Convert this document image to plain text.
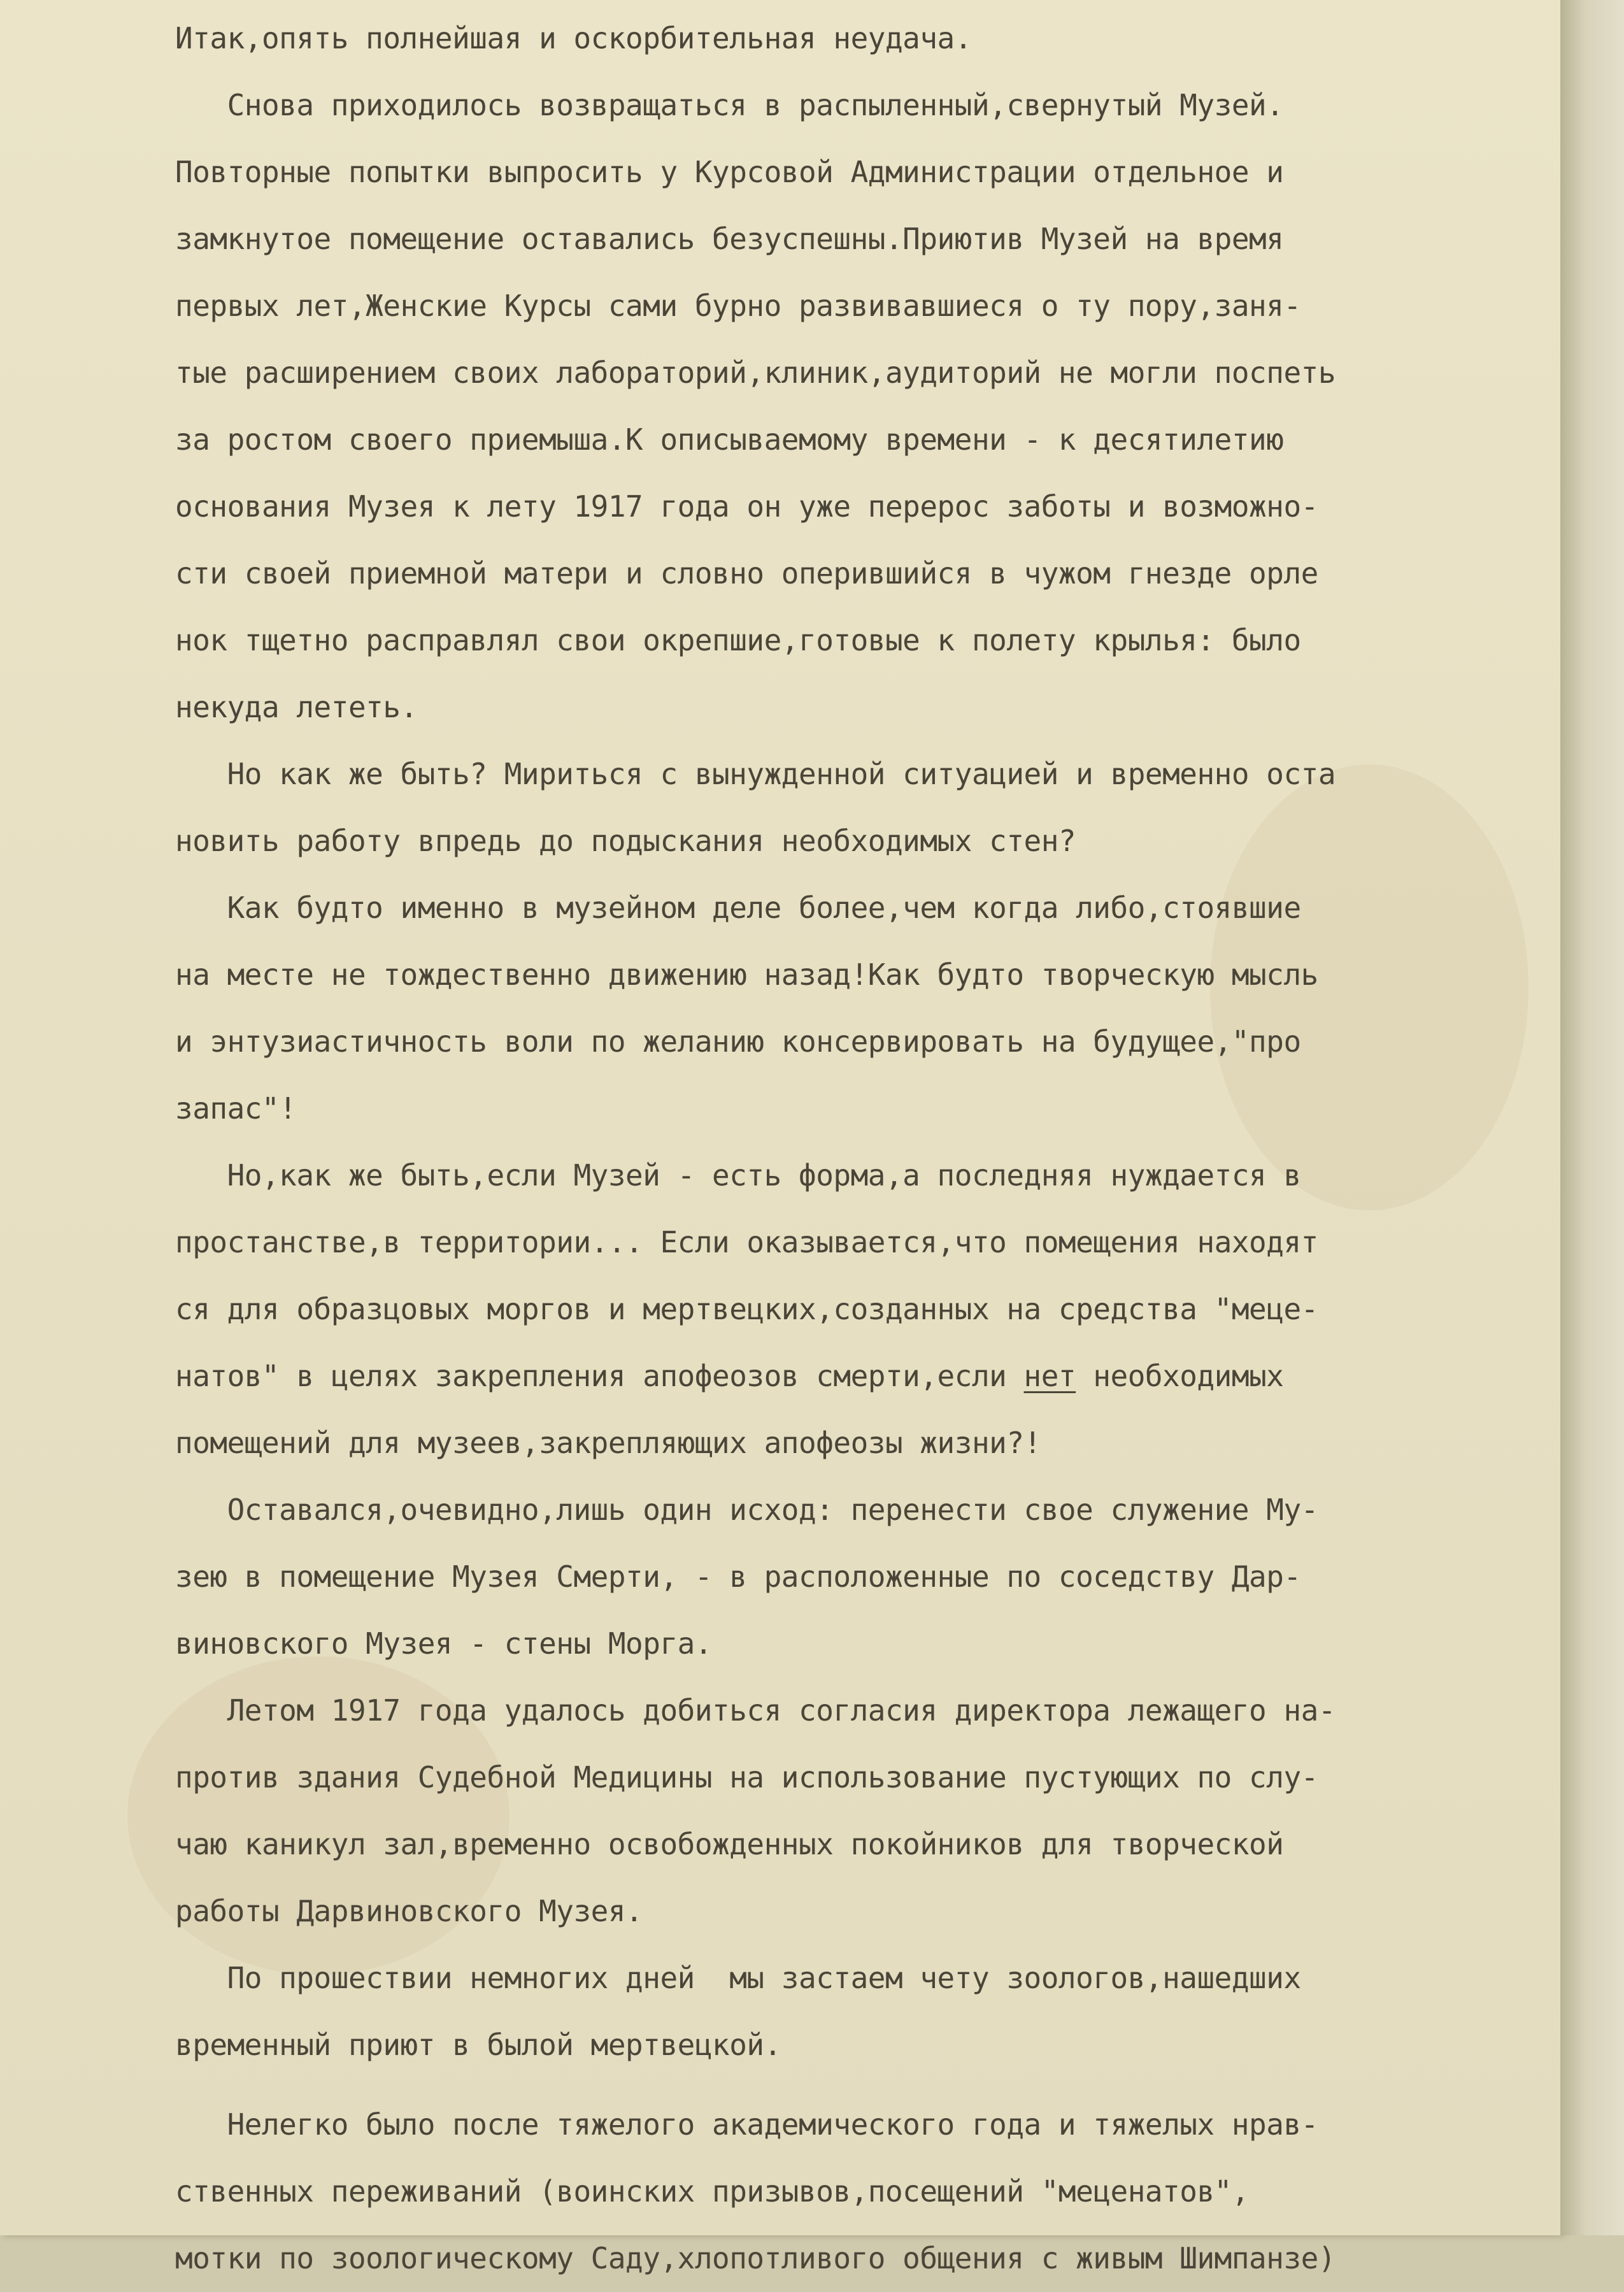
Итак,опять полнейшая и оскорбительная неудача.
Снова приходилось возвращаться в распыленный,свернутый Музей.
Повторные попытки выпросить у Курсовой Администрации отдельное и
замкнутое помещение оставались безуспешны.Приютив Музей на время
первых лет,Женские Курсы сами бурно развивавшиеся о ту пору,заня-
тые расширением своих лабораторий,клиник,аудиторий не могли поспеть
за ростом своего приемыша.К описываемому времени - к десятилетию
основания Музея к лету 1917 года он уже перерос заботы и возможно-
сти своей приемной матери и словно оперившийся в чужом гнезде орле
нок тщетно расправлял свои окрепшие,готовые к полету крылья: было
некуда лететь.
Но как же быть? Мириться с вынужденной ситуацией и временно оста
новить работу впредь до подыскания необходимых стен?
Как будто именно в музейном деле более,чем когда либо,стоявшие
на месте не тождественно движению назад!Как будто творческую мысль
и энтузиастичность воли по желанию консервировать на будущее,"про
запас"!
Но,как же быть,если Музей - есть форма,а последняя нуждается в
простанстве,в территории... Если оказывается,что помещения находят
ся для образцовых моргов и мертвецких,созданных на средства "мецe-
натов" в целях закрепления апофеозов смерти,если нет необходимых
помещений для музеев,закрепляющих апофеозы жизни?!
Оставался,очевидно,лишь один исход: перенести свое служение Му-
зею в помещение Музея Смерти, - в расположенные по соседству Дар-
виновского Музея - стены Морга.
Летом 1917 года удалось добиться согласия директора лежащего на-
против здания Судебной Медицины на использование пустующих по слу-
чаю каникул зал,временно освобожденных покойников для творческой
работы Дарвиновского Музея.
По прошествии немногих дней  мы застаем чету зоологов,нашедших
временный приют в былой мертвецкой.
Нелегко было после тяжелого академического года и тяжелых нрав-
ственных переживаний (воинских призывов,посещений "меценатов",
мотки по зоологическому Саду,хлопотливого общения с живым Шимпанзе)
